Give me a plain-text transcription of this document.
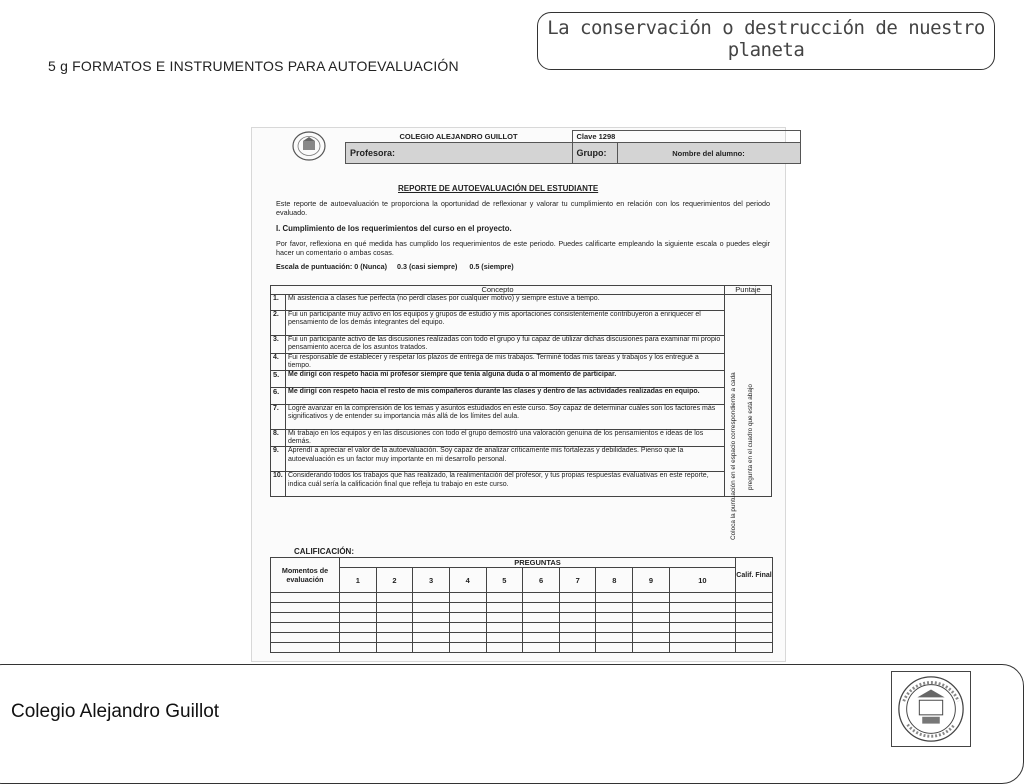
5 g FORMATOS E INSTRUMENTOS PARA AUTOEVALUACIÓN
La conservación o destrucción de nuestro planeta
COLEGIO ALEJANDRO GUILLOT	Clave 1298	
Profesora:	Grupo:	Nombre del alumno:
REPORTE DE AUTOEVALUACIÓN DEL ESTUDIANTE
Este reporte de autoevaluación te proporciona la oportunidad de reflexionar y valorar tu cumplimiento en relación con los requerimientos del periodo evaluado.
I. Cumplimiento de los requerimientos del curso en el proyecto.
Por favor, reflexiona en qué medida has cumplido los requerimientos de este periodo. Puedes calificarte empleando la siguiente escala o puedes elegir hacer un comentario o ambas cosas.
Escala de puntuación: 0 (Nunca)     0.3 (casi siempre)      0.5 (siempre)
Concepto		Puntaje
1.	Mi asistencia a clases fue perfecta (no perdí clases por cualquier motivo) y siempre estuve a tiempo.	
2.	Fui un participante muy activo en los equipos y grupos de estudio y mis aportaciones consistentemente contribuyeron a enriquecer el pensamiento de los demás integrantes del equipo.	
3.	Fui un participante activo de las discusiones realizadas con todo el grupo y fui capaz de utilizar dichas discusiones para examinar mi propio pensamiento acerca de los asuntos tratados.	
4.	Fui responsable de establecer y respetar los plazos de entrega de mis trabajos. Terminé todas mis tareas y trabajos y los entregué a tiempo.	
5.	Me dirigí con respeto hacia mi profesor siempre que tenía alguna duda o al momento de participar.	
6.	Me dirigí con respeto hacia el resto de mis compañeros durante las clases y dentro de las actividades realizadas en equipo.	
7.	Logré avanzar en la comprensión de los temas y asuntos estudiados en este curso. Soy capaz de determinar cuáles son los factores más significativos y de entender su importancia más allá de los límites del aula.	
8.	Mi trabajo en los equipos y en las discusiones con todo el grupo demostró una valoración genuina de los pensamientos e ideas de los demás.	
9.	Aprendí a apreciar el valor de la autoevaluación. Soy capaz de analizar críticamente mis fortalezas y debilidades. Pienso que la autoevaluación es un factor muy importante en mi desarrollo personal.	
10.	Considerando todos los trabajos que has realizado, la realimentación del profesor, y tus propias respuestas evaluativas en este reporte, indica cuál sería la calificación final que refleja tu trabajo en este curso.		Coloca la puntuación en el espacio correspondiente a cada pregunta en el cuadro que está abajo
CALIFICACIÓN:
Momentos de evaluación	PREGUNTAS										Calif. Final
	1	2	3	4	5	6	7	8	9	10	

Colegio Alejandro Guillot
